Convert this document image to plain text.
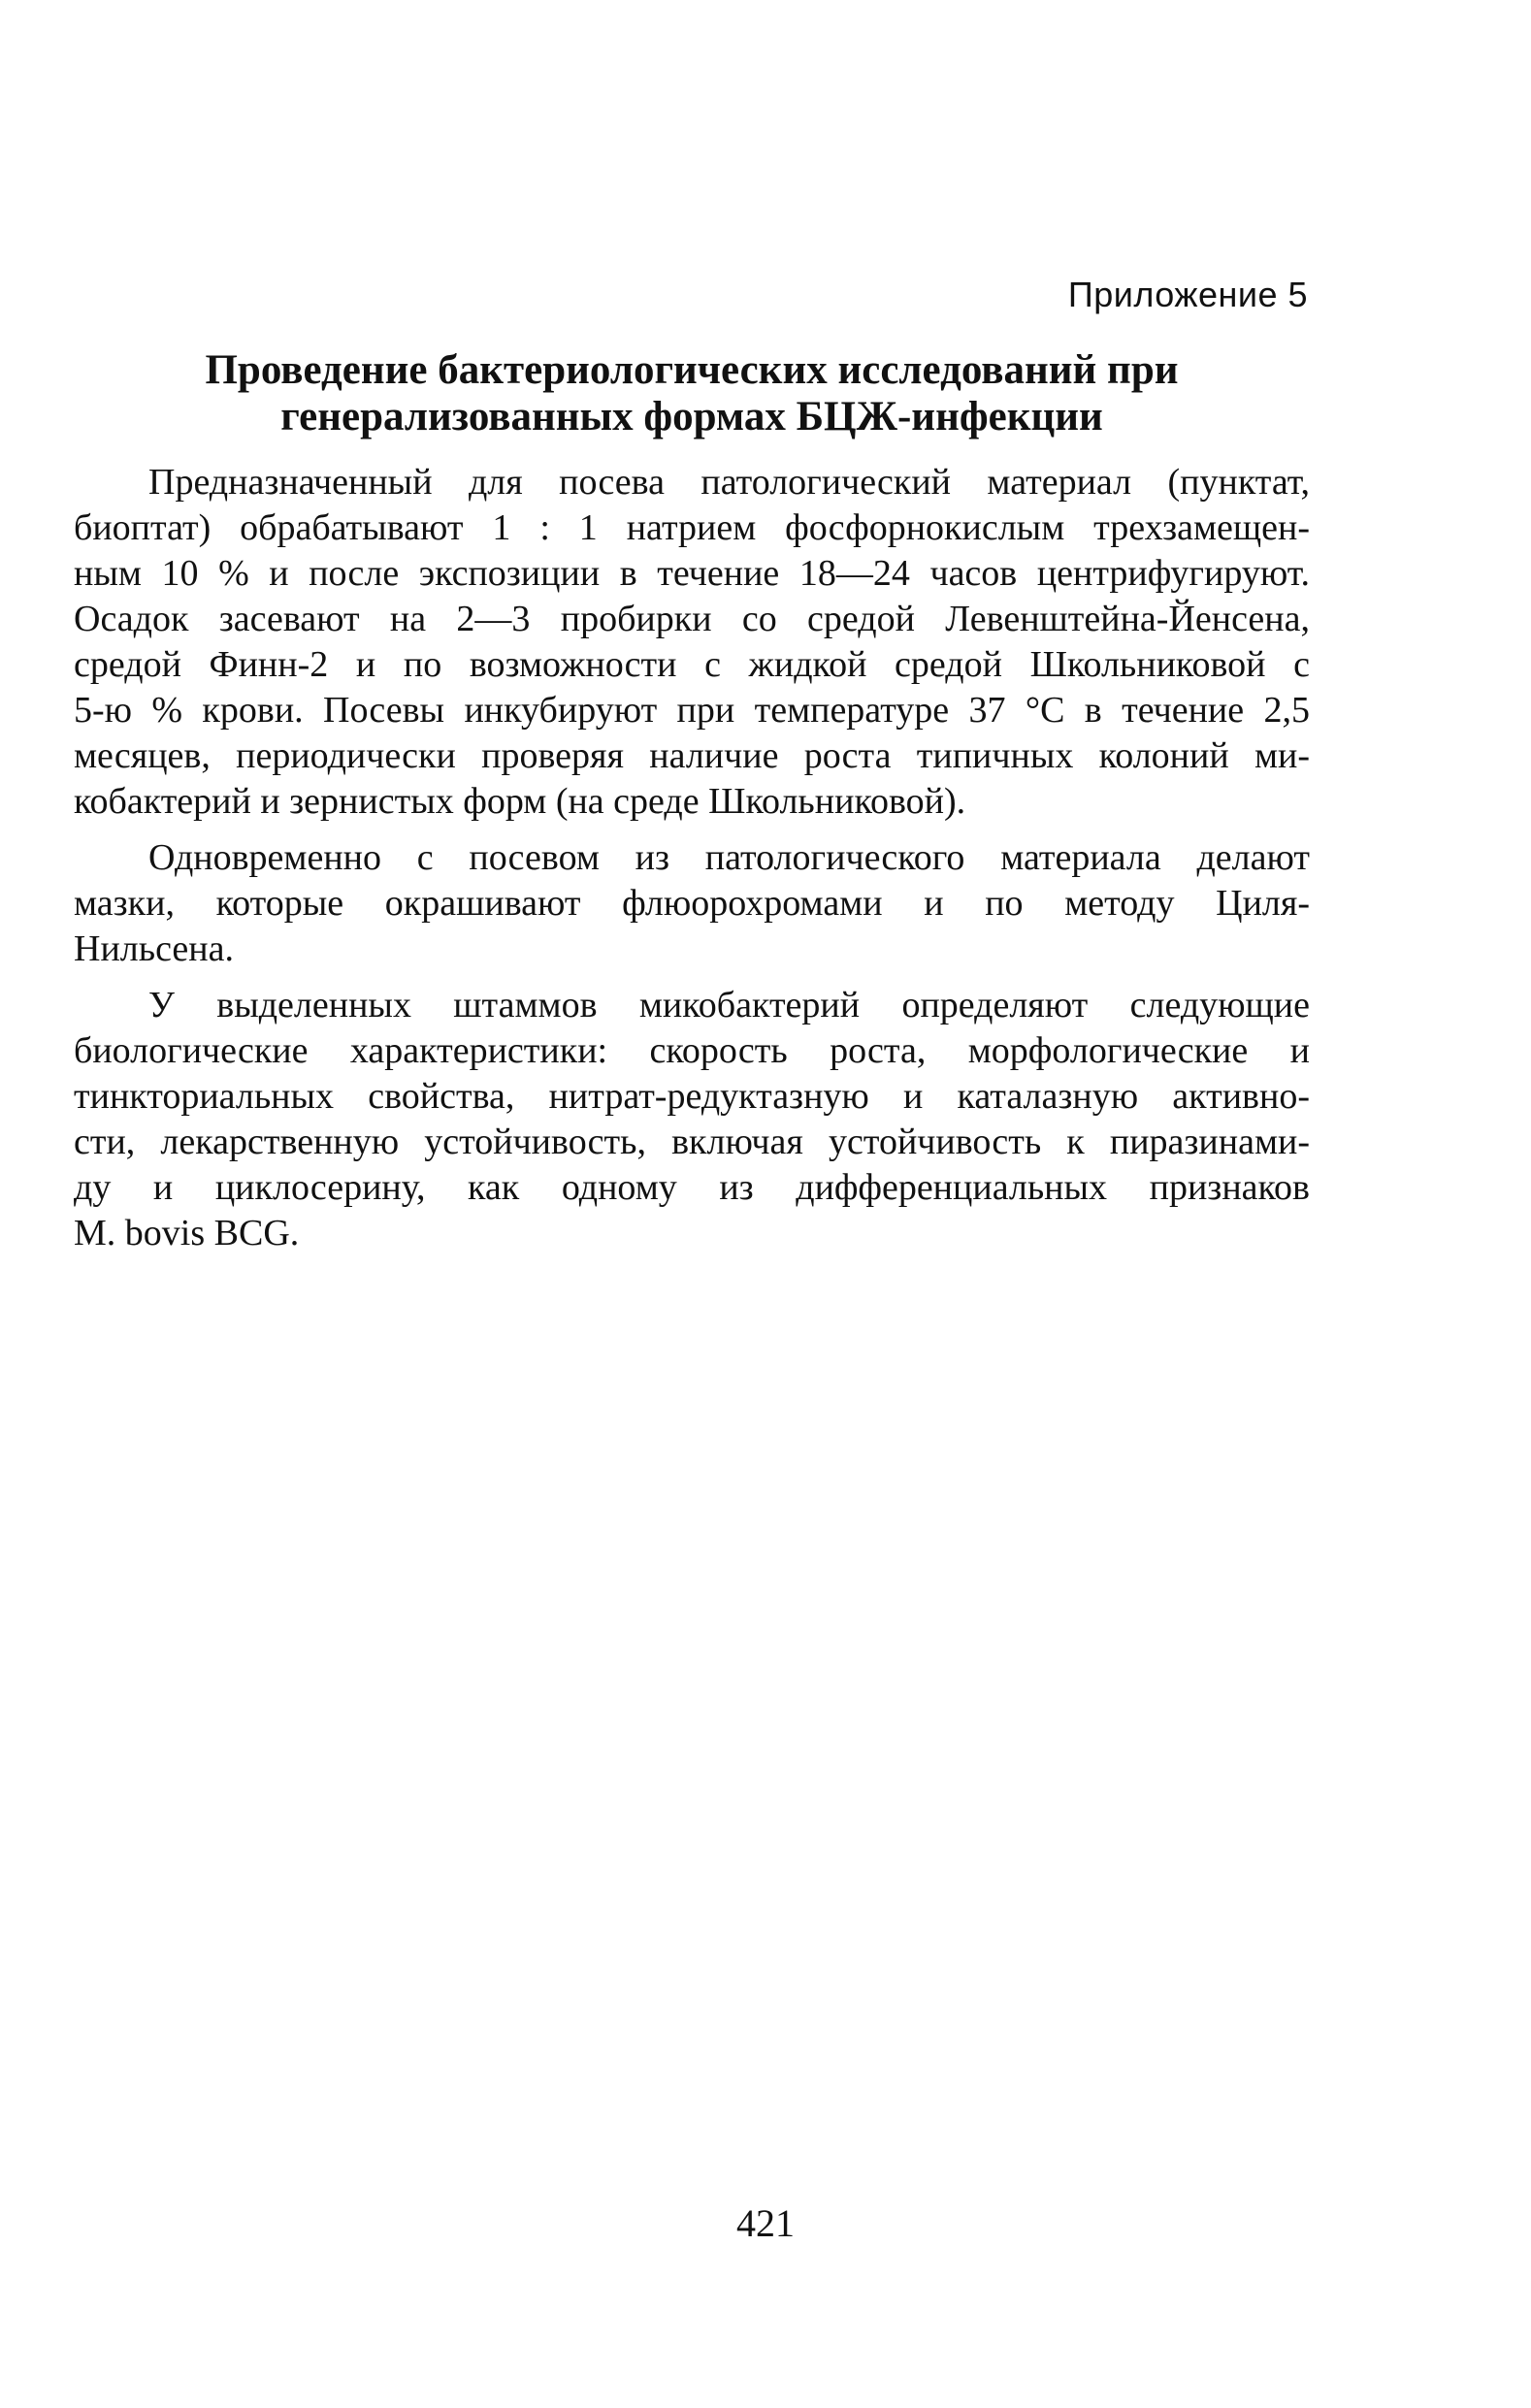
Приложение 5
Проведение бактериологических исследований при
генерализованных формах БЦЖ-инфекции
Предназначенный для посева патологический материал (пунктат,
биоптат) обрабатывают 1 : 1 натрием фосфорнокислым трехзамещен-
ным 10 % и после экспозиции в течение 18—24 часов центрифугируют.
Осадок засевают на 2—3 пробирки со средой Левенштейна-Йенсена,
средой Финн-2 и по возможности с жидкой средой Школьниковой с
5-ю % крови. Посевы инкубируют при температуре 37 °С в течение 2,5
месяцев, периодически проверяя наличие роста типичных колоний ми-
кобактерий и зернистых форм (на среде Школьниковой).
Одновременно с посевом из патологического материала делают
мазки, которые окрашивают флюорохромами и по методу Циля-
Нильсена.
У выделенных штаммов микобактерий определяют следующие
биологические характеристики: скорость роста, морфологические и
тинкториальных свойства, нитрат-редуктазную и каталазную активно-
сти, лекарственную устойчивость, включая устойчивость к пиразинами-
ду и циклосерину, как одному из дифференциальных признаков
M. bovis BCG.
421
